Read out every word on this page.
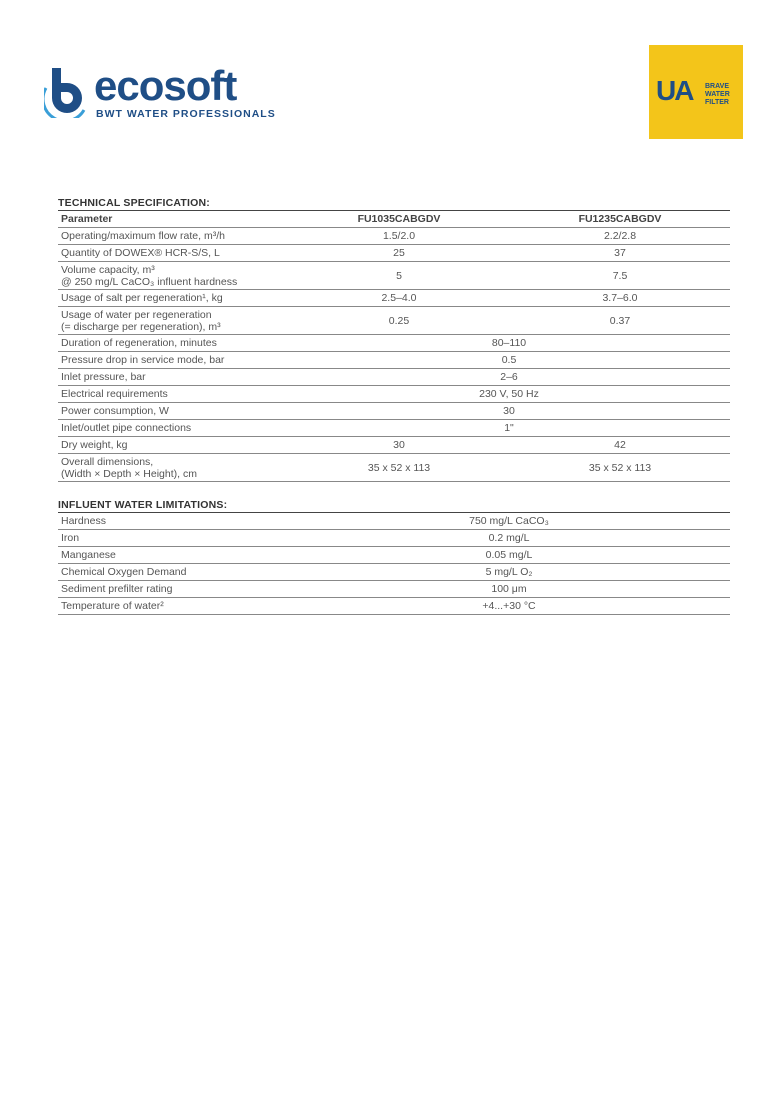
ecosoft
BWT WATER PROFESSIONALS
UA BRAVE
WATER
FILTER
TECHNICAL SPECIFICATION:
Parameter	FU1035CABGDV	FU1235CABGDV
Operating/maximum flow rate, m³/h	1.5/2.0	2.2/2.8
Quantity of DOWEX® HCR-S/S, L	25	37

Volume capacity, m³
@ 250 mg/L CaCO₃ influent hardness	5	7.5
Usage of salt per regeneration¹, kg	2.5–4.0	3.7–6.0

Usage of water per regeneration
(= discharge per regeneration), m³	0.25	0.37
Duration of regeneration, minutes	80–110	
Pressure drop in service mode, bar	0.5	
Inlet pressure, bar	2–6	
Electrical requirements	230 V, 50 Hz	
Power consumption, W	30	
Inlet/outlet pipe connections	1"	
Dry weight, kg	30	42

Overall dimensions,
(Width × Depth × Height), cm	35 x 52 x 113	35 x 52 x 113
INFLUENT WATER LIMITATIONS:
Hardness	750 mg/L CaCO₃
Iron	0.2 mg/L
Manganese	0.05 mg/L
Chemical Oxygen Demand	5 mg/L O₂
Sediment prefilter rating	100 μm
Temperature of water²	+4...+30 °C
